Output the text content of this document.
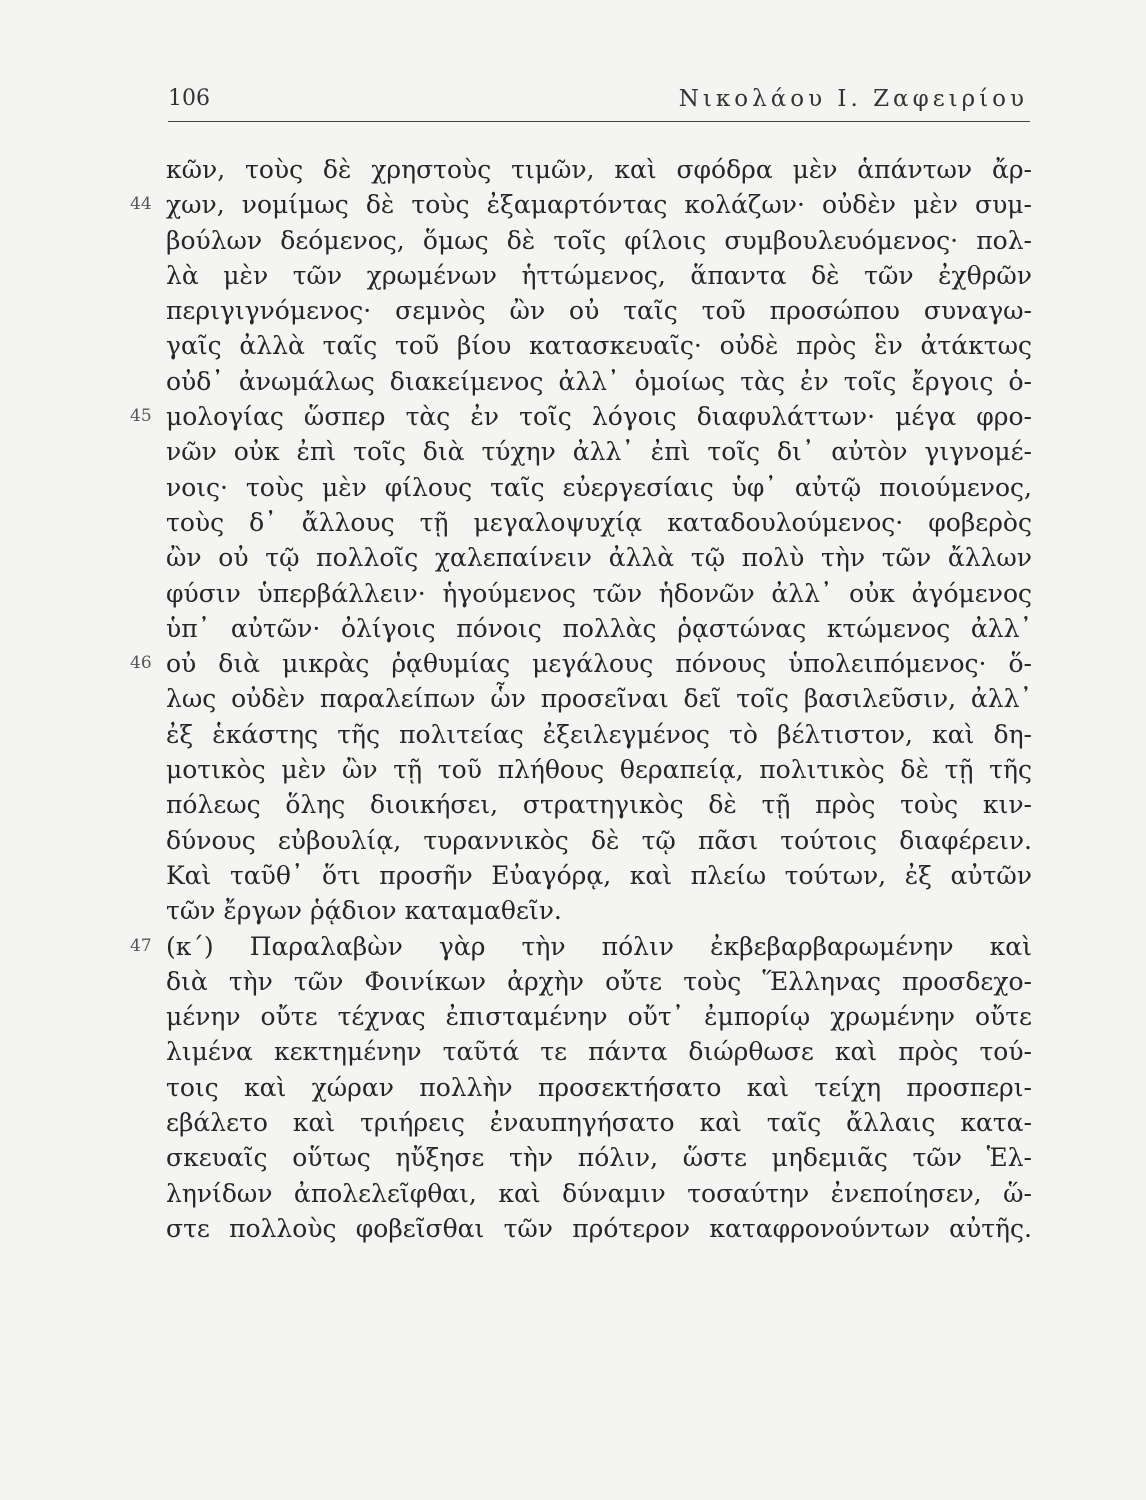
106	Νικολάου Ι. Ζαφειρίου
κῶν, τοὺς δὲ χρηστοὺς τιμῶν, καὶ σφόδρα μὲν ἁπάντων ἄρ-
44 χων, νομίμως δὲ τοὺς ἐξαμαρτόντας κολάζων· οὐδὲν μὲν συμ-
βούλων δεόμενος, ὅμως δὲ τοῖς φίλοις συμβουλευόμενος· πολ-
λὰ μὲν τῶν χρωμένων ἡττώμενος, ἅπαντα δὲ τῶν ἐχθρῶν
περιγιγνόμενος· σεμνὸς ὢν οὐ ταῖς τοῦ προσώπου συναγω-
γαῖς ἀλλὰ ταῖς τοῦ βίου κατασκευαῖς· οὐδὲ πρὸς ἓν ἀτάκτως
οὐδ᾽ ἀνωμάλως διακείμενος ἀλλ᾽ ὁμοίως τὰς ἐν τοῖς ἔργοις ὁ-
45 μολογίας ὥσπερ τὰς ἐν τοῖς λόγοις διαφυλάττων· μέγα φρο-
νῶν οὐκ ἐπὶ τοῖς διὰ τύχην ἀλλ᾽ ἐπὶ τοῖς δι᾽ αὐτὸν γιγνομέ-
νοις· τοὺς μὲν φίλους ταῖς εὐεργεσίαις ὑφ᾽ αὐτῷ ποιούμενος,
τοὺς δ᾽ ἄλλους τῇ μεγαλοψυχίᾳ καταδουλούμενος· φοβερὸς
ὢν οὐ τῷ πολλοῖς χαλεπαίνειν ἀλλὰ τῷ πολὺ τὴν τῶν ἄλλων
φύσιν ὑπερβάλλειν· ἡγούμενος τῶν ἡδονῶν ἀλλ᾽ οὐκ ἀγόμενος
ὑπ᾽ αὐτῶν· ὀλίγοις πόνοις πολλὰς ῥᾳστώνας κτώμενος ἀλλ᾽
46 οὐ διὰ μικρὰς ῥᾳθυμίας μεγάλους πόνους ὑπολειπόμενος· ὅ-
λως οὐδὲν παραλείπων ὧν προσεῖναι δεῖ τοῖς βασιλεῦσιν, ἀλλ᾽
ἐξ ἑκάστης τῆς πολιτείας ἐξειλεγμένος τὸ βέλτιστον, καὶ δη-
μοτικὸς μὲν ὢν τῇ τοῦ πλήθους θεραπείᾳ, πολιτικὸς δὲ τῇ τῆς
πόλεως ὅλης διοικήσει, στρατηγικὸς δὲ τῇ πρὸς τοὺς κιν-
δύνους εὐβουλίᾳ, τυραννικὸς δὲ τῷ πᾶσι τούτοις διαφέρειν.
Καὶ ταῦθ᾽ ὅτι προσῆν Εὐαγόρᾳ, καὶ πλείω τούτων, ἐξ αὐτῶν
τῶν ἔργων ῥᾴδιον καταμαθεῖν.
47 (κ΄) Παραλαβὼν γὰρ τὴν πόλιν ἐκβεβαρβαρωμένην καὶ
διὰ τὴν τῶν Φοινίκων ἀρχὴν οὔτε τοὺς Ἕλληνας προσδεχο-
μένην οὔτε τέχνας ἐπισταμένην οὔτ᾽ ἐμπορίῳ χρωμένην οὔτε
λιμένα κεκτημένην ταῦτά τε πάντα διώρθωσε καὶ πρὸς τού-
τοις καὶ χώραν πολλὴν προσεκτήσατο καὶ τείχη προσπερι-
εβάλετο καὶ τριήρεις ἐναυπηγήσατο καὶ ταῖς ἄλλαις κατα-
σκευαῖς οὕτως ηὔξησε τὴν πόλιν, ὥστε μηδεμιᾶς τῶν Ἑλ-
ληνίδων ἀπολελεῖφθαι, καὶ δύναμιν τοσαύτην ἐνεποίησεν, ὥ-
στε πολλοὺς φοβεῖσθαι τῶν πρότερον καταφρονούντων αὐτῆς.
